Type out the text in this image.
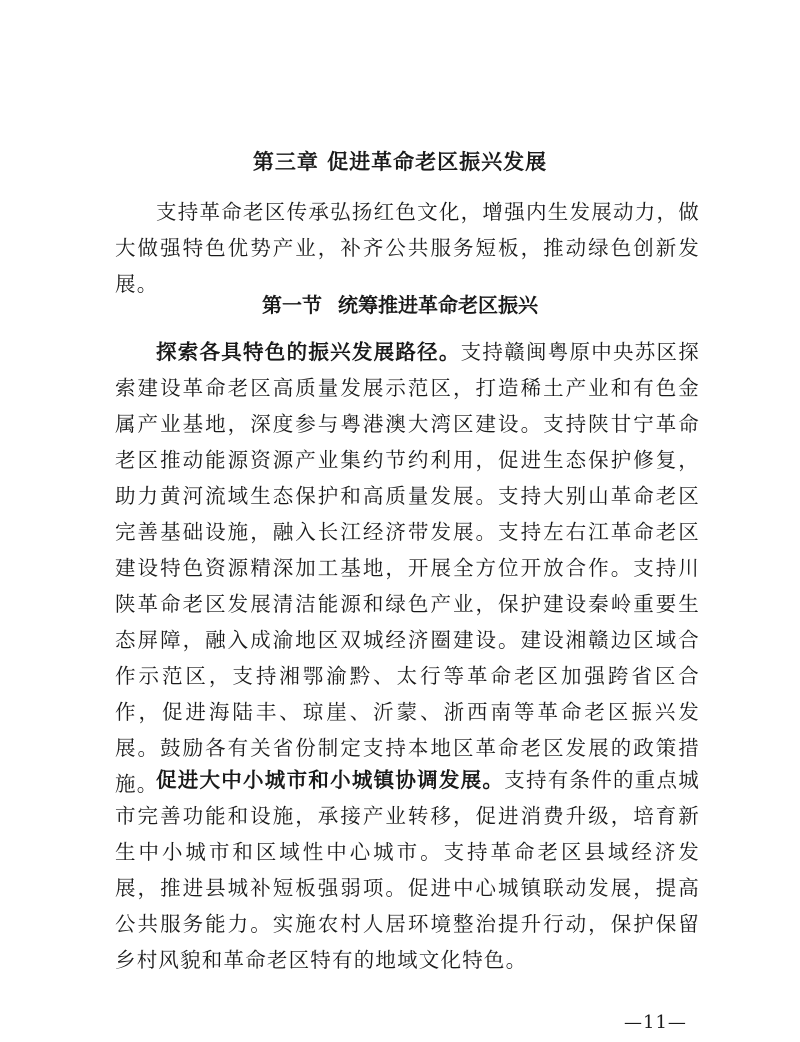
第三章 促进革命老区振兴发展

支持革命老区传承弘扬红色文化，增强内生发展动力，做大做强特色优势产业，补齐公共服务短板，推动绿色创新发展。

第一节 统筹推进革命老区振兴

探索各具特色的振兴发展路径。支持赣闽粤原中央苏区探索建设革命老区高质量发展示范区，打造稀土产业和有色金属产业基地，深度参与粤港澳大湾区建设。支持陕甘宁革命老区推动能源资源产业集约节约利用，促进生态保护修复，助力黄河流域生态保护和高质量发展。支持大别山革命老区完善基础设施，融入长江经济带发展。支持左右江革命老区建设特色资源精深加工基地，开展全方位开放合作。支持川陕革命老区发展清洁能源和绿色产业，保护建设秦岭重要生态屏障，融入成渝地区双城经济圈建设。建设湘赣边区域合作示范区，支持湘鄂渝黔、太行等革命老区加强跨省区合作，促进海陆丰、琼崖、沂蒙、浙西南等革命老区振兴发展。鼓励各有关省份制定支持本地区革命老区发展的政策措施。

促进大中小城市和小城镇协调发展。支持有条件的重点城市完善功能和设施，承接产业转移，促进消费升级，培育新生中小城市和区域性中心城市。支持革命老区县域经济发展，推进县城补短板强弱项。促进中心城镇联动发展，提高公共服务能力。实施农村人居环境整治提升行动，保护保留乡村风貌和革命老区特有的地域文化特色。

—11—
